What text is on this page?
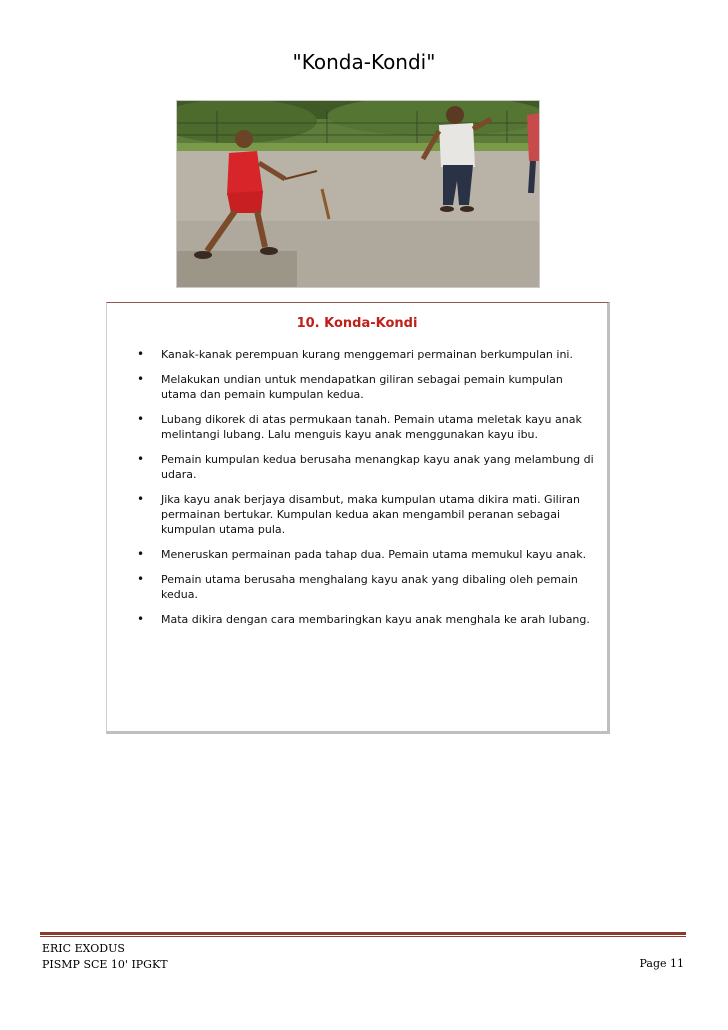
"Konda-Kondi"
10. Konda-Kondi
• Kanak-kanak perempuan kurang menggemari permainan berkumpulan ini.
• Melakukan undian untuk mendapatkan giliran sebagai pemain kumpulan utama dan pemain kumpulan kedua.
• Lubang dikorek di atas permukaan tanah. Pemain utama meletak kayu anak melintangi lubang. Lalu menguis kayu anak menggunakan kayu ibu.
• Pemain kumpulan kedua berusaha menangkap kayu anak yang melambung di udara.
• Jika kayu anak berjaya disambut, maka kumpulan utama dikira mati. Giliran permainan bertukar. Kumpulan kedua akan mengambil peranan sebagai kumpulan utama pula.
• Meneruskan permainan pada tahap dua. Pemain utama memukul kayu anak.
• Pemain utama berusaha menghalang kayu anak yang dibaling oleh pemain kedua.
• Mata dikira dengan cara membaringkan kayu anak menghala ke arah lubang.
ERIC EXODUS
PISMP SCE 10' IPGKT	Page 11
